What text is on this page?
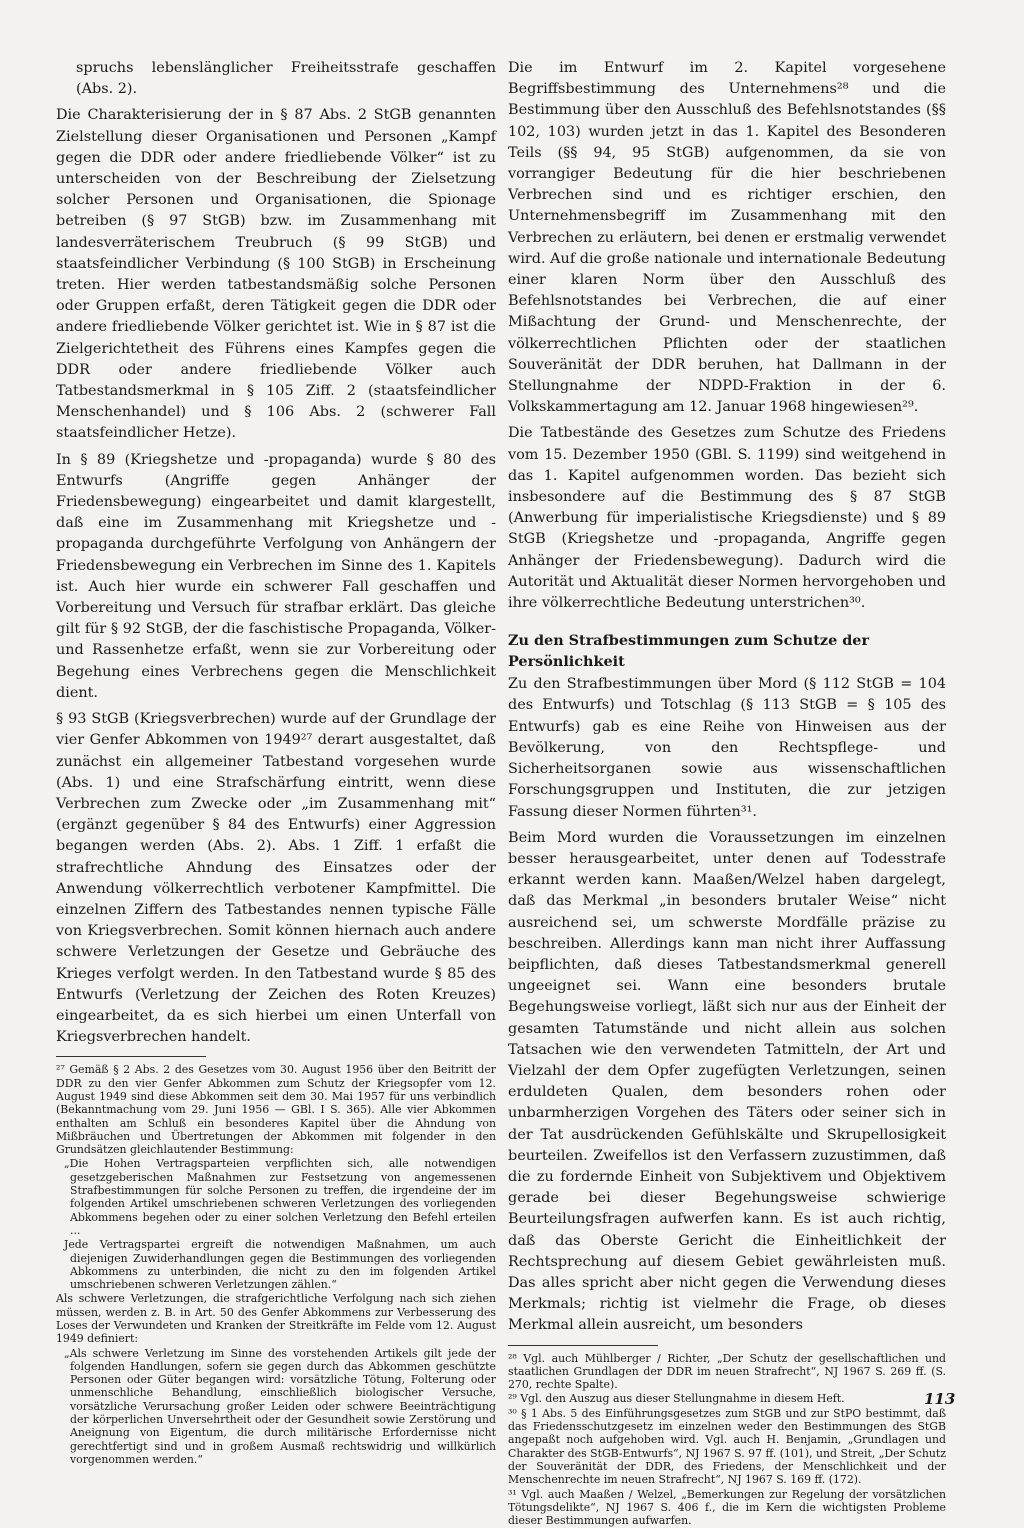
spruchs lebenslänglicher Freiheitsstrafe geschaffen (Abs. 2).

Die Charakterisierung der in § 87 Abs. 2 StGB genannten Zielstellung dieser Organisationen und Personen „Kampf gegen die DDR oder andere friedliebende Völker“ ist zu unterscheiden von der Beschreibung der Zielsetzung solcher Personen und Organisationen, die Spionage betreiben (§ 97 StGB) bzw. im Zusammenhang mit landesverräterischem Treubruch (§ 99 StGB) und staatsfeindlicher Verbindung (§ 100 StGB) in Erscheinung treten. Hier werden tatbestandsmäßig solche Personen oder Gruppen erfaßt, deren Tätigkeit gegen die DDR oder andere friedliebende Völker gerichtet ist. Wie in § 87 ist die Zielgerichtetheit des Führens eines Kampfes gegen die DDR oder andere friedliebende Völker auch Tatbestandsmerkmal in § 105 Ziff. 2 (staatsfeindlicher Menschenhandel) und § 106 Abs. 2 (schwerer Fall staatsfeindlicher Hetze).

In § 89 (Kriegshetze und -propaganda) wurde § 80 des Entwurfs (Angriffe gegen Anhänger der Friedensbewegung) eingearbeitet und damit klargestellt, daß eine im Zusammenhang mit Kriegshetze und -propaganda durchgeführte Verfolgung von Anhängern der Friedensbewegung ein Verbrechen im Sinne des 1. Kapitels ist. Auch hier wurde ein schwerer Fall geschaffen und Vorbereitung und Versuch für strafbar erklärt. Das gleiche gilt für § 92 StGB, der die faschistische Propaganda, Völker- und Rassenhetze erfaßt, wenn sie zur Vorbereitung oder Begehung eines Verbrechens gegen die Menschlichkeit dient.

§ 93 StGB (Kriegsverbrechen) wurde auf der Grundlage der vier Genfer Abkommen von 1949²⁷ derart ausgestaltet, daß zunächst ein allgemeiner Tatbestand vorgesehen wurde (Abs. 1) und eine Strafschärfung eintritt, wenn diese Verbrechen zum Zwecke oder „im Zusammenhang mit“ (ergänzt gegenüber § 84 des Entwurfs) einer Aggression begangen werden (Abs. 2). Abs. 1 Ziff. 1 erfaßt die strafrechtliche Ahndung des Einsatzes oder der Anwendung völkerrechtlich verbotener Kampfmittel. Die einzelnen Ziffern des Tatbestandes nennen typische Fälle von Kriegsverbrechen. Somit können hiernach auch andere schwere Verletzungen der Gesetze und Gebräuche des Krieges verfolgt werden. In den Tatbestand wurde § 85 des Entwurfs (Verletzung der Zeichen des Roten Kreuzes) eingearbeitet, da es sich hierbei um einen Unterfall von Kriegsverbrechen handelt.

²⁷ Gemäß § 2 Abs. 2 des Gesetzes vom 30. August 1956 über den Beitritt der DDR zu den vier Genfer Abkommen zum Schutz der Kriegsopfer vom 12. August 1949 sind diese Abkommen seit dem 30. Mai 1957 für uns verbindlich (Bekanntmachung vom 29. Juni 1956 — GBl. I S. 365). Alle vier Abkommen enthalten am Schluß ein besonderes Kapitel über die Ahndung von Mißbräuchen und Übertretungen der Abkommen mit folgender in den Grundsätzen gleichlautender Bestimmung:

„Die Hohen Vertragsparteien verpflichten sich, alle notwendigen gesetzgeberischen Maßnahmen zur Festsetzung von angemessenen Strafbestimmungen für solche Personen zu treffen, die irgendeine der im folgenden Artikel umschriebenen schweren Verletzungen des vorliegenden Abkommens begehen oder zu einer solchen Verletzung den Befehl erteilen ...

Jede Vertragspartei ergreift die notwendigen Maßnahmen, um auch diejenigen Zuwiderhandlungen gegen die Bestimmungen des vorliegenden Abkommens zu unterbinden, die nicht zu den im folgenden Artikel umschriebenen schweren Verletzungen zählen.“

Als schwere Verletzungen, die strafgerichtliche Verfolgung nach sich ziehen müssen, werden z. B. in Art. 50 des Genfer Abkommens zur Verbesserung des Loses der Verwundeten und Kranken der Streitkräfte im Felde vom 12. August 1949 definiert:

„Als schwere Verletzung im Sinne des vorstehenden Artikels gilt jede der folgenden Handlungen, sofern sie gegen durch das Abkommen geschützte Personen oder Güter begangen wird: vorsätzliche Tötung, Folterung oder unmenschliche Behandlung, einschließlich biologischer Versuche, vorsätzliche Verursachung großer Leiden oder schwere Beeinträchtigung der körperlichen Unversehrtheit oder der Gesundheit sowie Zerstörung und Aneignung von Eigentum, die durch militärische Erfordernisse nicht gerechtfertigt sind und in großem Ausmaß rechtswidrig und willkürlich vorgenommen werden.“

Die im Entwurf im 2. Kapitel vorgesehene Begriffsbestimmung des Unternehmens²⁸ und die Bestimmung über den Ausschluß des Befehlsnotstandes (§§ 102, 103) wurden jetzt in das 1. Kapitel des Besonderen Teils (§§ 94, 95 StGB) aufgenommen, da sie von vorrangiger Bedeutung für die hier beschriebenen Verbrechen sind und es richtiger erschien, den Unternehmensbegriff im Zusammenhang mit den Verbrechen zu erläutern, bei denen er erstmalig verwendet wird. Auf die große nationale und internationale Bedeutung einer klaren Norm über den Ausschluß des Befehlsnotstandes bei Verbrechen, die auf einer Mißachtung der Grund- und Menschenrechte, der völkerrechtlichen Pflichten oder der staatlichen Souveränität der DDR beruhen, hat Dallmann in der Stellungnahme der NDPD-Fraktion in der 6. Volkskammertagung am 12. Januar 1968 hingewiesen²⁹.

Die Tatbestände des Gesetzes zum Schutze des Friedens vom 15. Dezember 1950 (GBl. S. 1199) sind weitgehend in das 1. Kapitel aufgenommen worden. Das bezieht sich insbesondere auf die Bestimmung des § 87 StGB (Anwerbung für imperialistische Kriegsdienste) und § 89 StGB (Kriegshetze und -propaganda, Angriffe gegen Anhänger der Friedensbewegung). Dadurch wird die Autorität und Aktualität dieser Normen hervorgehoben und ihre völkerrechtliche Bedeutung unterstrichen³⁰.

Zu den Strafbestimmungen zum Schutze der Persönlichkeit

Zu den Strafbestimmungen über Mord (§ 112 StGB = 104 des Entwurfs) und Totschlag (§ 113 StGB = § 105 des Entwurfs) gab es eine Reihe von Hinweisen aus der Bevölkerung, von den Rechtspflege- und Sicherheitsorganen sowie aus wissenschaftlichen Forschungsgruppen und Instituten, die zur jetzigen Fassung dieser Normen führten³¹.

Beim Mord wurden die Voraussetzungen im einzelnen besser herausgearbeitet, unter denen auf Todesstrafe erkannt werden kann. Maaßen/Welzel haben dargelegt, daß das Merkmal „in besonders brutaler Weise“ nicht ausreichend sei, um schwerste Mordfälle präzise zu beschreiben. Allerdings kann man nicht ihrer Auffassung beipflichten, daß dieses Tatbestandsmerkmal generell ungeeignet sei. Wann eine besonders brutale Begehungsweise vorliegt, läßt sich nur aus der Einheit der gesamten Tatumstände und nicht allein aus solchen Tatsachen wie den verwendeten Tatmitteln, der Art und Vielzahl der dem Opfer zugefügten Verletzungen, seinen erduldeten Qualen, dem besonders rohen oder unbarmherzigen Vorgehen des Täters oder seiner sich in der Tat ausdrückenden Gefühlskälte und Skrupellosigkeit beurteilen. Zweifellos ist den Verfassern zuzustimmen, daß die zu fordernde Einheit von Subjektivem und Objektivem gerade bei dieser Begehungsweise schwierige Beurteilungsfragen aufwerfen kann. Es ist auch richtig, daß das Oberste Gericht die Einheitlichkeit der Rechtsprechung auf diesem Gebiet gewährleisten muß. Das alles spricht aber nicht gegen die Verwendung dieses Merkmals; richtig ist vielmehr die Frage, ob dieses Merkmal allein ausreicht, um besonders

²⁸ Vgl. auch Mühlberger / Richter, „Der Schutz der gesellschaftlichen und staatlichen Grundlagen der DDR im neuen Strafrecht“, NJ 1967 S. 269 ff. (S. 270, rechte Spalte).

²⁹ Vgl. den Auszug aus dieser Stellungnahme in diesem Heft.

³⁰ § 1 Abs. 5 des Einführungsgesetzes zum StGB und zur StPO bestimmt, daß das Friedensschutzgesetz im einzelnen weder den Bestimmungen des StGB angepaßt noch aufgehoben wird. Vgl. auch H. Benjamin, „Grundlagen und Charakter des StGB-Entwurfs“, NJ 1967 S. 97 ff. (101), und Streit, „Der Schutz der Souveränität der DDR, des Friedens, der Menschlichkeit und der Menschenrechte im neuen Strafrecht“, NJ 1967 S. 169 ff. (172).

³¹ Vgl. auch Maaßen / Welzel, „Bemerkungen zur Regelung der vorsätzlichen Tötungsdelikte“, NJ 1967 S. 406 f., die im Kern die wichtigsten Probleme dieser Bestimmungen aufwarfen.

113
